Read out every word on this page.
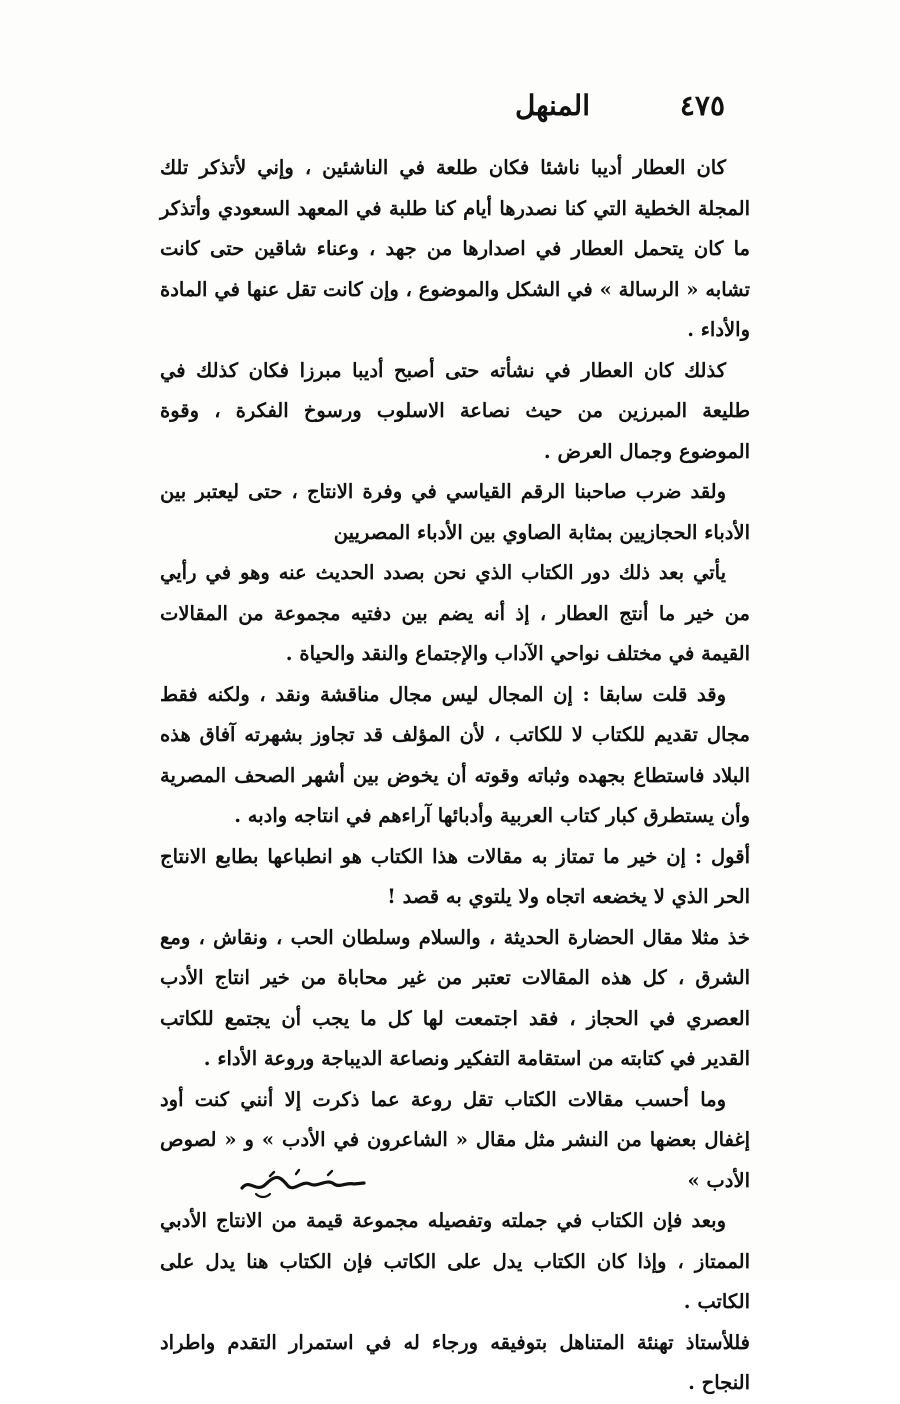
٤٧٥
المنهل

كان العطار أديبا ناشئا فكان طلعة في الناشئين ، وإني لأتذكر تلك المجلة الخطية التي كنا نصدرها أيام كنا طلبة في المعهد السعودي وأتذكر ما كان يتحمل العطار في اصدارها من جهد ، وعناء شاقين حتى كانت تشابه « الرسالة » في الشكل والموضوع ، وإن كانت تقل عنها في المادة والأداء .

كذلك كان العطار في نشأته حتى أصبح أديبا مبرزا فكان كذلك في طليعة المبرزين من حيث نصاعة الاسلوب ورسوخ الفكرة ، وقوة الموضوع وجمال العرض .

ولقد ضرب صاحبنا الرقم القياسي في وفرة الانتاج ، حتى ليعتبر بين الأدباء الحجازيين بمثابة الصاوي بين الأدباء المصريين

يأتي بعد ذلك دور الكتاب الذي نحن بصدد الحديث عنه وهو في رأيي من خير ما أنتج العطار ، إذ أنه يضم بين دفتيه مجموعة من المقالات القيمة في مختلف نواحي الآداب والإجتماع والنقد والحياة .

وقد قلت سابقا : إن المجال ليس مجال مناقشة ونقد ، ولكنه فقط مجال تقديم للكتاب لا للكاتب ، لأن المؤلف قد تجاوز بشهرته آفاق هذه البلاد فاستطاع بجهده وثباته وقوته أن يخوض بين أشهر الصحف المصرية وأن يستطرق كبار كتاب العربية وأدبائها آراءهم في انتاجه وادبه .

أقول : إن خير ما تمتاز به مقالات هذا الكتاب هو انطباعها بطابع الانتاج الحر الذي لا يخضعه اتجاه ولا يلتوي به قصد !

خذ مثلا مقال الحضارة الحديثة ، والسلام وسلطان الحب ، ونقاش ، ومع الشرق ، كل هذه المقالات تعتبر من غير محاباة من خير انتاج الأدب العصري في الحجاز ، فقد اجتمعت لها كل ما يجب أن يجتمع للكاتب القدير في كتابته من استقامة التفكير ونصاعة الديباجة وروعة الأداء .

وما أحسب مقالات الكتاب تقل روعة عما ذكرت إلا أنني كنت أود إغفال بعضها من النشر مثل مقال « الشاعرون في الأدب » و « لصوص الأدب »

وبعد فإن الكتاب في جملته وتفصيله مجموعة قيمة من الانتاج الأدبي الممتاز ، وإذا كان الكتاب يدل على الكاتب فإن الكتاب هنا يدل على الكاتب .

فللأستاذ تهنئة المتناهل بتوفيقه ورجاء له في استمرار التقدم واطراد النجاح .
